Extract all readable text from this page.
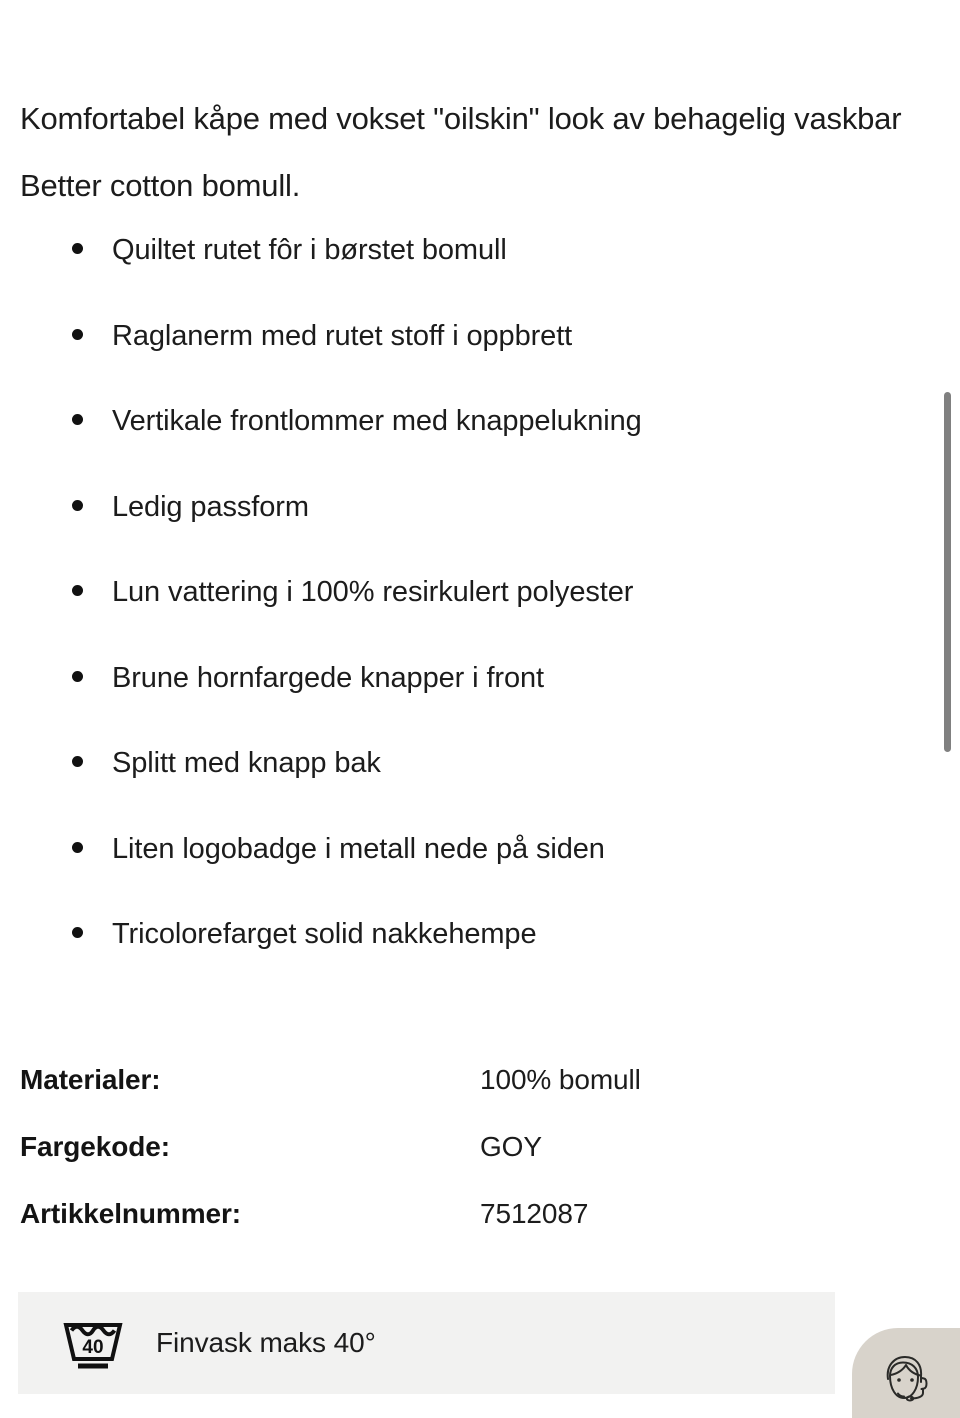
Komfortabel kåpe med vokset "oilskin" look av behagelig vaskbar Better cotton bomull.

Quiltet rutet fôr i børstet bomull
Raglanerm med rutet stoff i oppbrett
Vertikale frontlommer med knappelukning
Ledig passform
Lun vattering i 100% resirkulert polyester
Brune hornfargede knapper i front
Splitt med knapp bak
Liten logobadge i metall nede på siden
Tricolorefarget solid nakkehempe
Materialer:	100% bomull
Fargekode:	GOY
Artikkelnummer:	7512087
40 Finvask maks 40°
